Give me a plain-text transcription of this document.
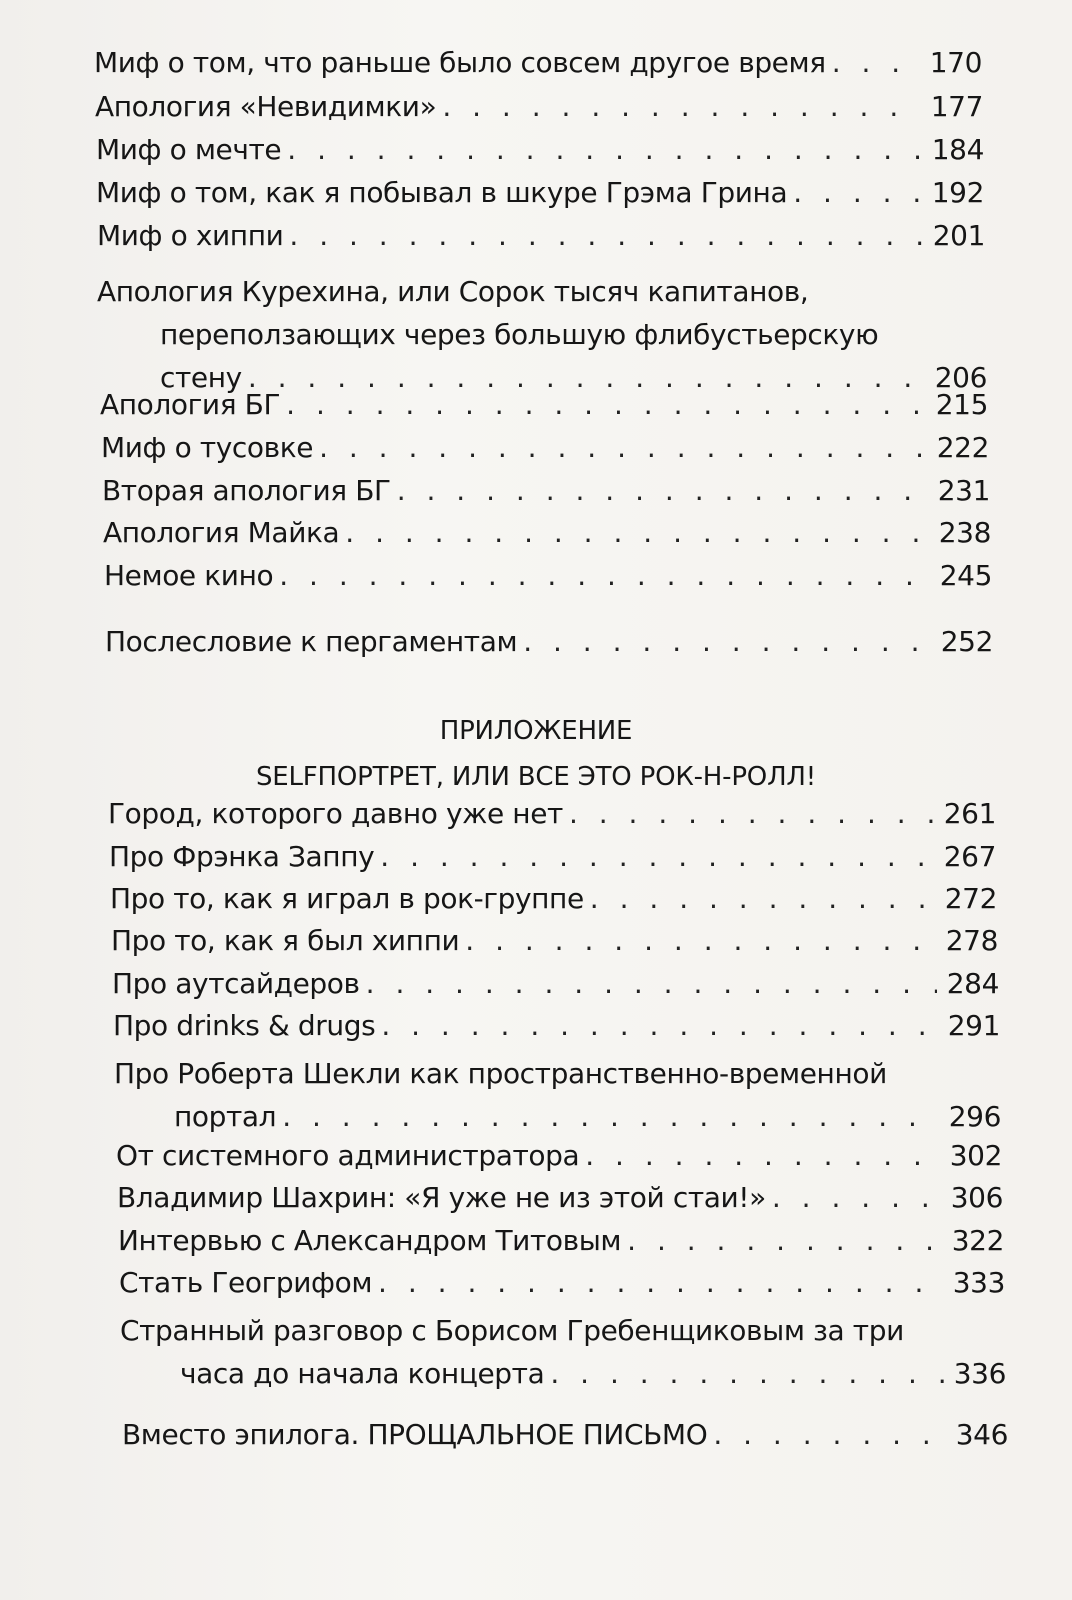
ПРИЛОЖЕНИЕ
SELFПОРТРЕТ, ИЛИ ВСЕ ЭТО РОК-Н-РОЛЛ!
Миф о том, что раньше было совсем другое время . . .	170
Апология «Невидимки» . . .	177
Миф о мечте . . .	184
Миф о том, как я побывал в шкуре Грэма Грина . . .	192
Миф о хиппи . . .	201
Апология Курехина, или Сорок тысяч капитанов,
переползающих через большую флибустьерскую
стену . . .	206
Апология БГ . . .	215
Миф о тусовке . . .	222
Вторая апология БГ . . .	231
Апология Майка . . .	238
Немое кино . . .	245
Послесловие к пергаментам . . .	252
Город, которого давно уже нет . . .	261
Про Фрэнка Заппу . . .	267
Про то, как я играл в рок-группе . . .	272
Про то, как я был хиппи . . .	278
Про аутсайдеров . . .	284
Про drinks & drugs . . .	291
Про Роберта Шекли как пространственно-временной
портал . . .	296
От системного администратора . . .	302
Владимир Шахрин: «Я уже не из этой стаи!» . . .	306
Интервью с Александром Титовым . . .	322
Стать Геогрифом . . .	333
Странный разговор с Борисом Гребенщиковым за три
часа до начала концерта . . .	336
Вместо эпилога. ПРОЩАЛЬНОЕ ПИСЬМО . . .	346
